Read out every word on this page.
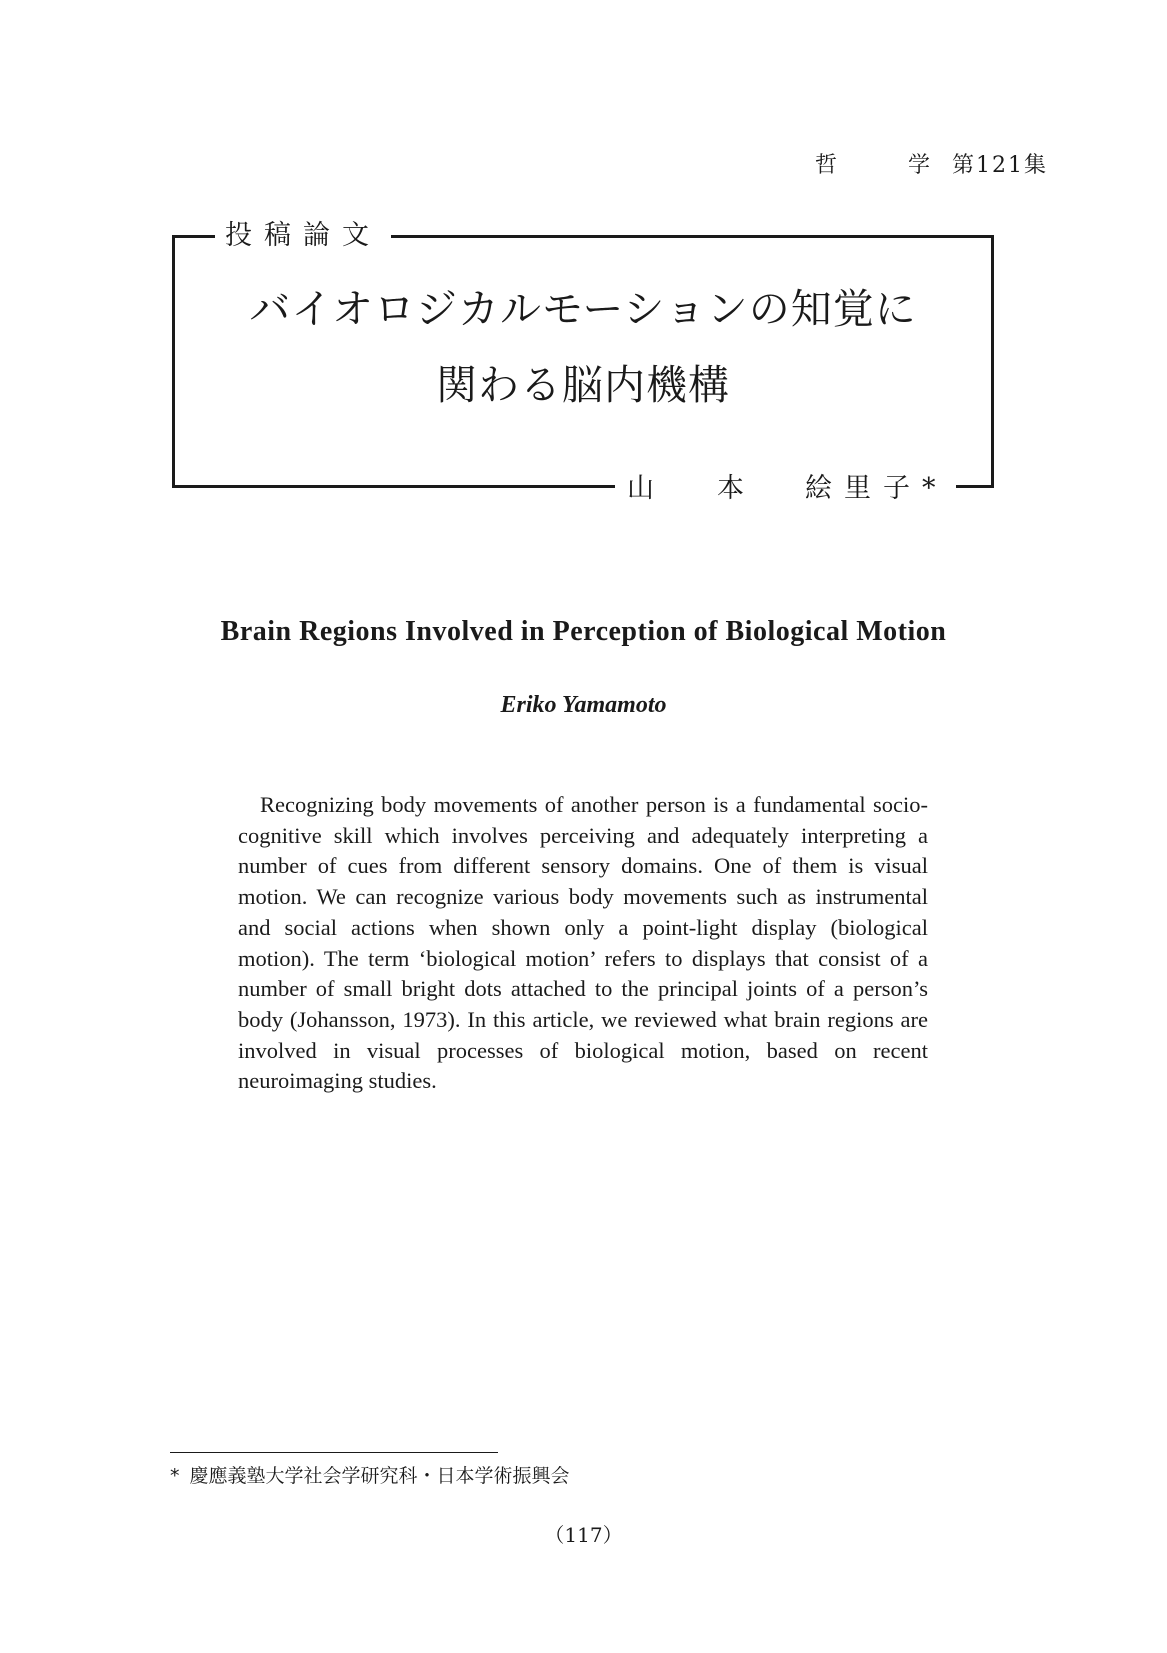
哲	学 第121集
投稿論文
バイオロジカルモーションの知覚に
関わる脳内機構
山 本 絵里子*
Brain Regions Involved in Perception of Biological Motion
Eriko Yamamoto
Recognizing body movements of another person is a fundamental socio-cognitive skill which involves perceiving and adequately interpreting a number of cues from different sensory domains. One of them is visual motion. We can recognize various body movements such as instrumental and social actions when shown only a point-light display (biological motion). The term ‘biological motion’ refers to displays that consist of a number of small bright dots attached to the principal joints of a person’s body (Johansson, 1973). In this article, we reviewed what brain regions are involved in visual processes of biological motion, based on recent neuroimaging studies.
* 慶應義塾大学社会学研究科・日本学術振興会
（117）
